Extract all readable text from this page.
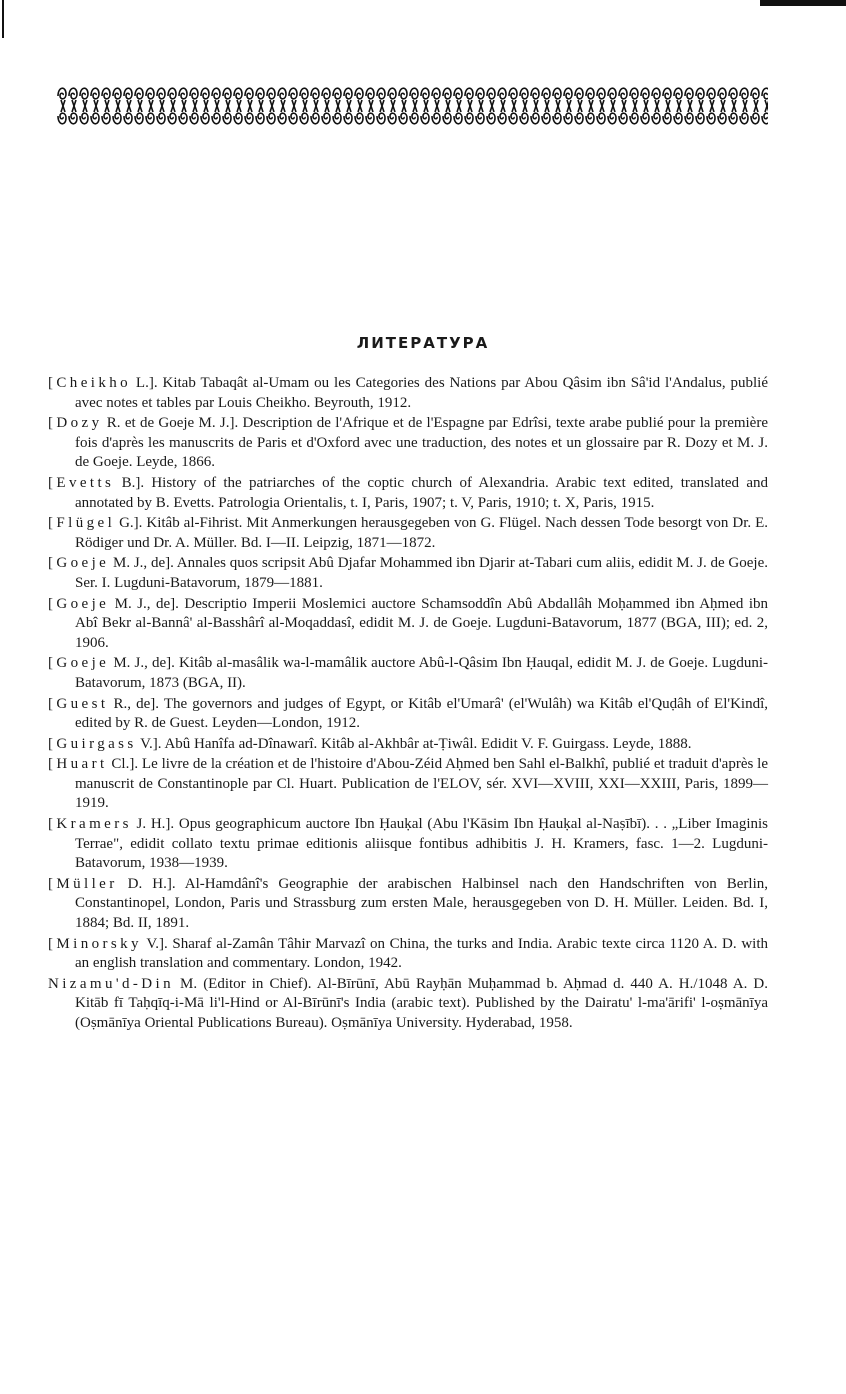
ЛИТЕРАТУРА

[Cheikho L.]. Kitab Tabaqât al-Umam ou les Categories des Nations par Abou Qâsim ibn Sâ'id l'Andalus, publié avec notes et tables par Louis Cheikho. Beyrouth, 1912.

[Dozy R. et de Goeje M. J.]. Description de l'Afrique et de l'Espagne par Edrîsi, texte arabe publié pour la première fois d'après les manuscrits de Paris et d'Oxford avec une traduction, des notes et un glossaire par R. Dozy et M. J. de Goeje. Leyde, 1866.

[Evetts B.]. History of the patriarches of the coptic church of Alexandria. Arabic text edited, translated and annotated by B. Evetts. Patrologia Orientalis, t. I, Paris, 1907; t. V, Paris, 1910; t. X, Paris, 1915.

[Flügel G.]. Kitâb al-Fihrist. Mit Anmerkungen herausgegeben von G. Flügel. Nach dessen Tode besorgt von Dr. E. Rödiger und Dr. A. Müller. Bd. I—II. Leipzig, 1871—1872.

[Goeje M. J., de]. Annales quos scripsit Abû Djafar Mohammed ibn Djarir at-Tabari cum aliis, edidit M. J. de Goeje. Ser. I. Lugduni-Batavorum, 1879—1881.

[Goeje M. J., de]. Descriptio Imperii Moslemici auctore Schamsoddîn Abû Abdallâh Moḥammed ibn Aḥmed ibn Abî Bekr al-Bannâ' al-Basshârî al-Moqaddasî, edidit M. J. de Goeje. Lugduni-Batavorum, 1877 (BGA, III); ed. 2, 1906.

[Goeje M. J., de]. Kitâb al-masâlik wa-l-mamâlik auctore Abû-l-Qâsim Ibn Ḥauqal, edidit M. J. de Goeje. Lugduni-Batavorum, 1873 (BGA, II).

[Guest R., de]. The governors and judges of Egypt, or Kitâb el'Umarâ' (el'Wulâh) wa Kitâb el'Quḍâh of El'Kindî, edited by R. de Guest. Leyden—London, 1912.

[Guirgass V.]. Abû Hanîfa ad-Dînawarî. Kitâb al-Akhbâr at-Ṭiwâl. Edidit V. F. Guirgass. Leyde, 1888.

[Huart Cl.]. Le livre de la création et de l'histoire d'Abou-Zéid Aḥmed ben Sahl el-Balkhî, publié et traduit d'après le manuscrit de Constantinople par Cl. Huart. Publication de l'ELOV, sér. XVI—XVIII, XXI—XXIII, Paris, 1899—1919.

[Kramers J. H.]. Opus geographicum auctore Ibn Ḥauḳal (Abu l'Kāsim Ibn Ḥauḳal al-Naṣībī). . . „Liber Imaginis Terrae", edidit collato textu primae editionis aliisque fontibus adhibitis J. H. Kramers, fasc. 1—2. Lugduni-Batavorum, 1938—1939.

[Müller D. H.]. Al-Hamdânî's Geographie der arabischen Halbinsel nach den Handschriften von Berlin, Constantinopel, London, Paris und Strassburg zum ersten Male, herausgegeben von D. H. Müller. Leiden. Bd. I, 1884; Bd. II, 1891.

[Minorsky V.]. Sharaf al-Zamân Tâhir Marvazî on China, the turks and India. Arabic texte circa 1120 A. D. with an english translation and commentary. London, 1942.

Nizamu'd-Din M. (Editor in Chief). Al-Bīrūnī, Abū Rayḥān Muḥammad b. Aḥmad d. 440 A. H./1048 A. D. Kitāb fī Taḥqīq-i-Mā li'l-Hind or Al-Bīrūnī's India (arabic text). Published by the Dairatu' l-ma'ārifi' l-oṣmānīya (Oṣmānīya Oriental Publications Bureau). Oṣmānīya University. Hyderabad, 1958.
